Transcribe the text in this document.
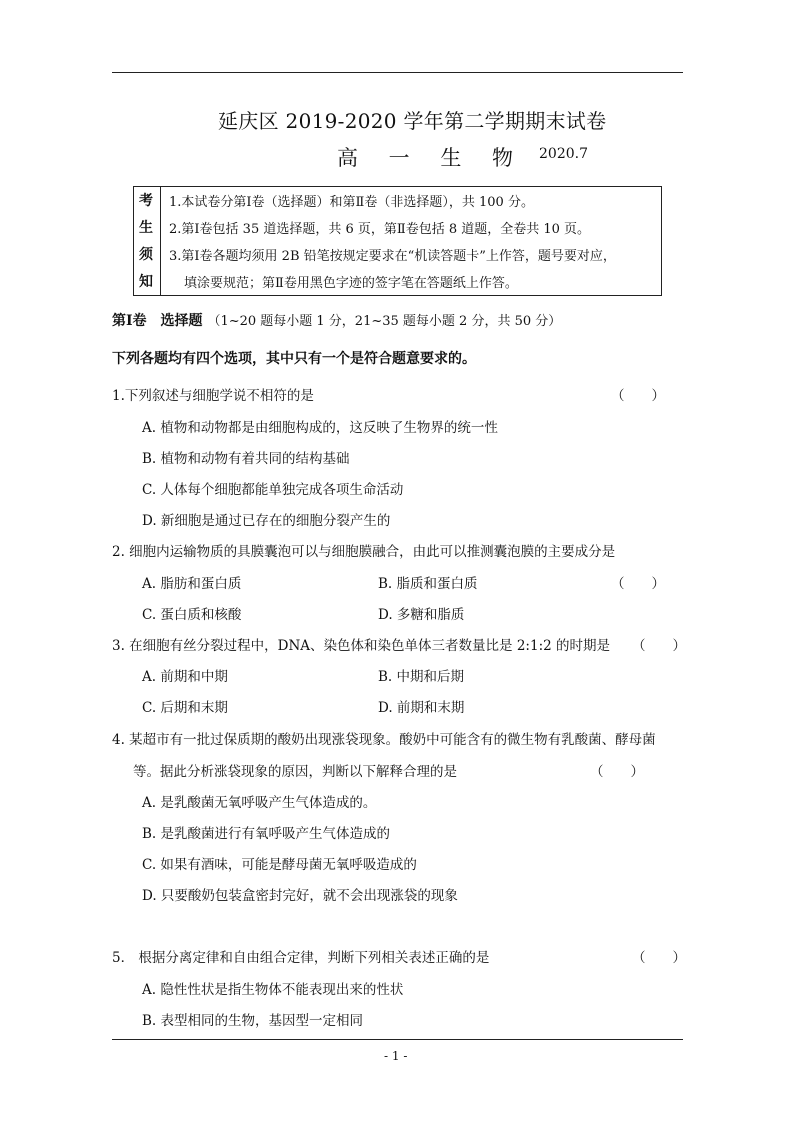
延庆区 2019-2020 学年第二学期期末试卷
高 一 生 物 2020.7
考
生
须
知
1.本试卷分第Ⅰ卷（选择题）和第Ⅱ卷（非选择题），共 100 分。
2.第Ⅰ卷包括 35 道选择题，共 6 页，第Ⅱ卷包括 8 道题，全卷共 10 页。
3.第Ⅰ卷各题均须用 2B 铅笔按规定要求在“机读答题卡”上作答，题号要对应，
填涂要规范；第Ⅱ卷用黑色字迹的签字笔在答题纸上作答。
第Ⅰ卷　选择题 （1~20 题每小题 1 分，21~35 题每小题 2 分，共 50 分）
下列各题均有四个选项，其中只有一个是符合题意要求的。
1.下列叙述与细胞学说不相符的是	（　　）
A. 植物和动物都是由细胞构成的，这反映了生物界的统一性
B. 植物和动物有着共同的结构基础
C. 人体每个细胞都能单独完成各项生命活动
D. 新细胞是通过已存在的细胞分裂产生的
2. 细胞内运输物质的具膜囊泡可以与细胞膜融合，由此可以推测囊泡膜的主要成分是
A. 脂肪和蛋白质	B. 脂质和蛋白质	（　　）
C. 蛋白质和核酸	D. 多糖和脂质
3. 在细胞有丝分裂过程中，DNA、染色体和染色单体三者数量比是 2:1:2 的时期是 （　　）
A. 前期和中期	B. 中期和后期
C. 后期和末期	D. 前期和末期
4. 某超市有一批过保质期的酸奶出现涨袋现象。酸奶中可能含有的微生物有乳酸菌、酵母菌
等。据此分析涨袋现象的原因，判断以下解释合理的是	（　　）
A. 是乳酸菌无氧呼吸产生气体造成的。
B. 是乳酸菌进行有氧呼吸产生气体造成的
C. 如果有酒味，可能是酵母菌无氧呼吸造成的
D. 只要酸奶包装盒密封完好，就不会出现涨袋的现象
5． 根据分离定律和自由组合定律，判断下列相关表述正确的是	（　　）
A. 隐性性状是指生物体不能表现出来的性状
B. 表型相同的生物，基因型一定相同
- 1 -
